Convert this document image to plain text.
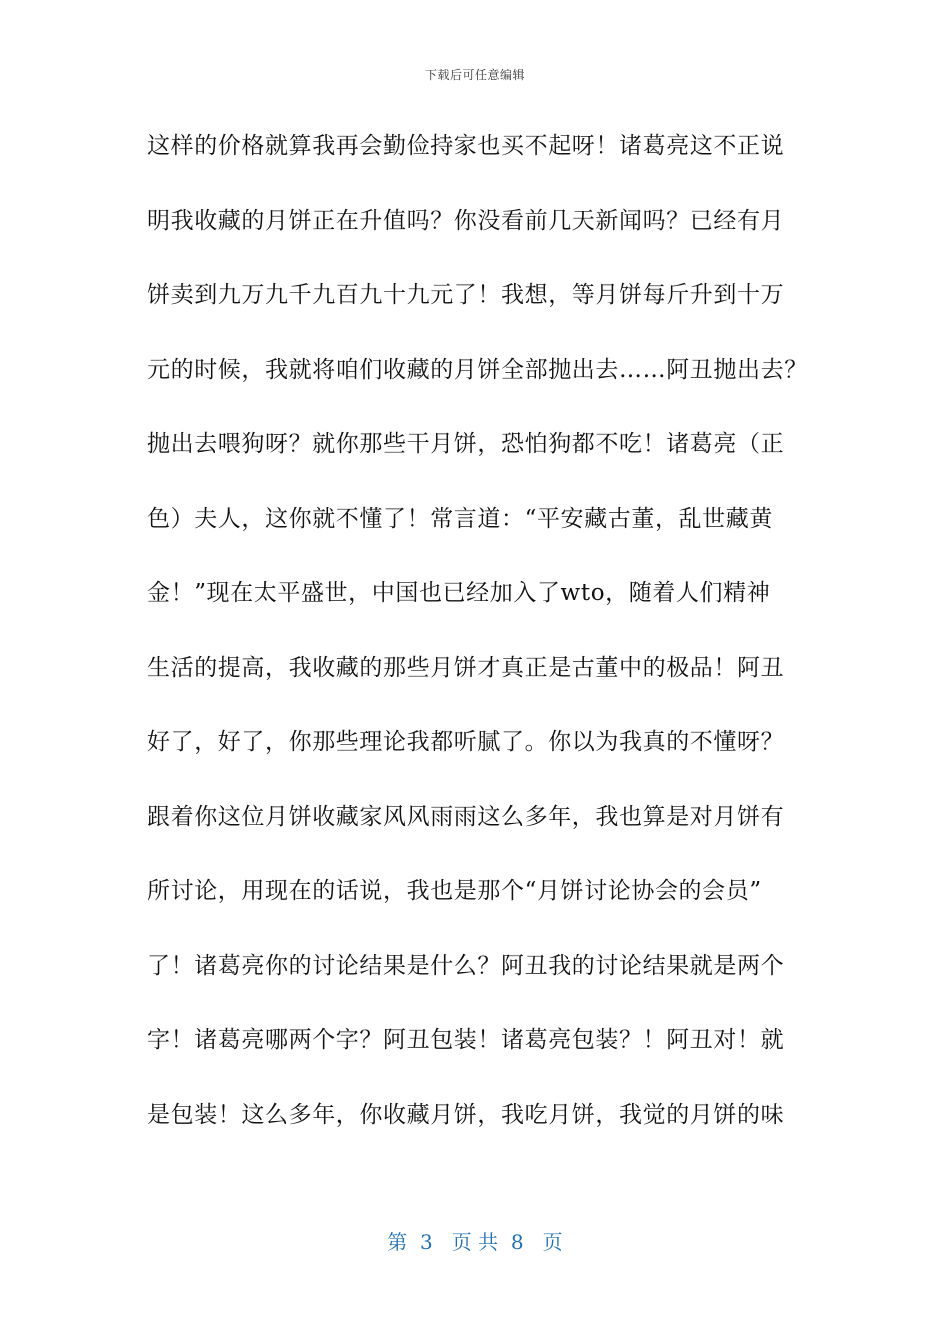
下载后可任意编辑
这样的价格就算我再会勤俭持家也买不起呀！诸葛亮这不正说
明我收藏的月饼正在升值吗？你没看前几天新闻吗？已经有月
饼卖到九万九千九百九十九元了！我想，等月饼每斤升到十万
元的时候，我就将咱们收藏的月饼全部抛出去……阿丑抛出去？
抛出去喂狗呀？就你那些干月饼，恐怕狗都不吃！诸葛亮（正
色）夫人，这你就不懂了！常言道：“平安藏古董，乱世藏黄
金！”现在太平盛世，中国也已经加入了wto，随着人们精神
生活的提高，我收藏的那些月饼才真正是古董中的极品！阿丑
好了，好了，你那些理论我都听腻了。你以为我真的不懂呀？
跟着你这位月饼收藏家风风雨雨这么多年，我也算是对月饼有
所讨论，用现在的话说，我也是那个“月饼讨论协会的会员”
了！诸葛亮你的讨论结果是什么？阿丑我的讨论结果就是两个
字！诸葛亮哪两个字？阿丑包装！诸葛亮包装？！阿丑对！就
是包装！这么多年，你收藏月饼，我吃月饼，我觉的月饼的味
第  3   页 共  8   页
